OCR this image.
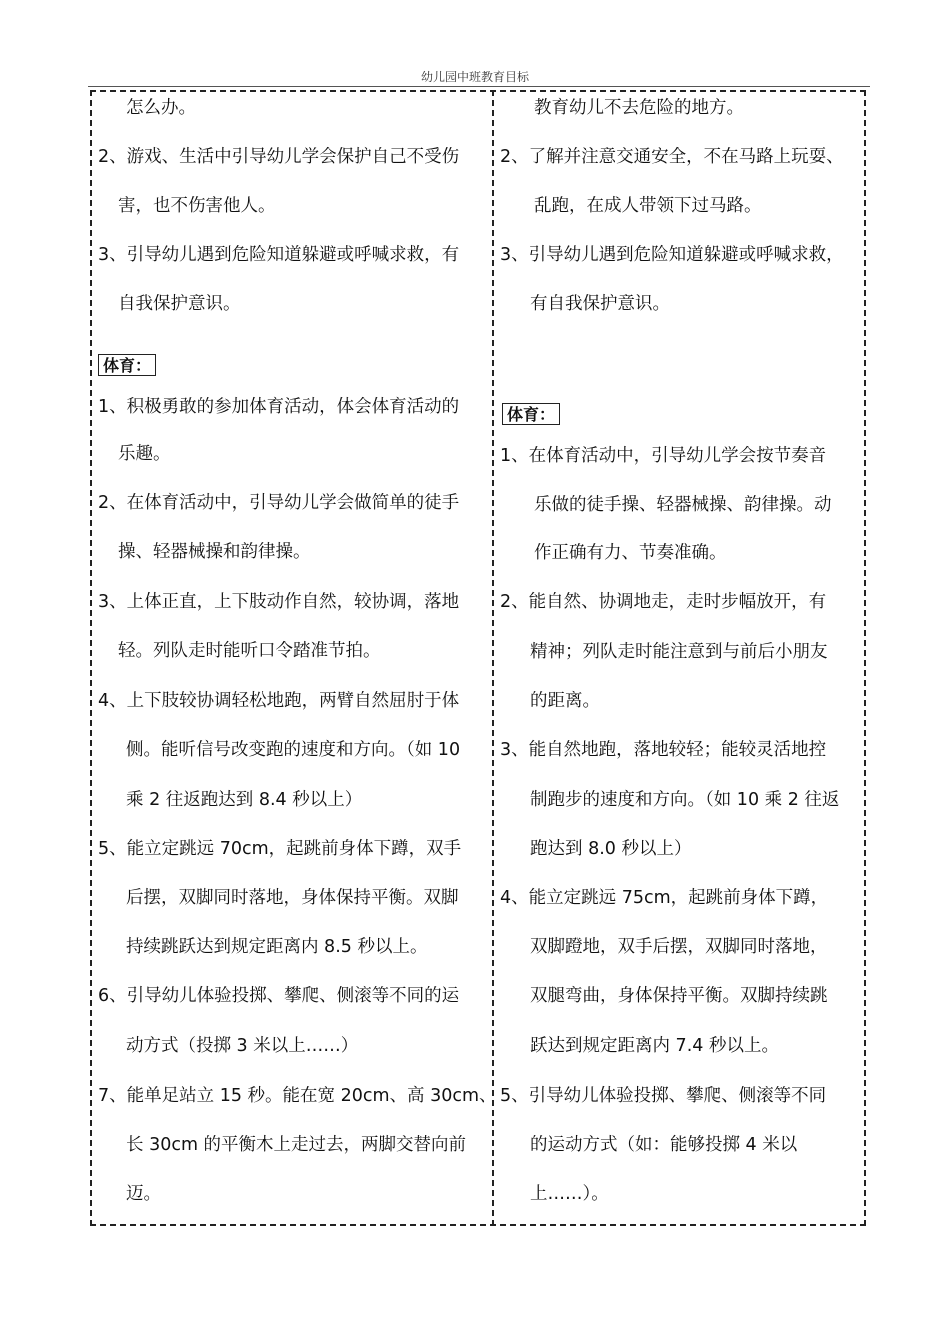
幼儿园中班教育目标
怎么办。
2、游戏、生活中引导幼儿学会保护自己不受伤
害，也不伤害他人。
3、引导幼儿遇到危险知道躲避或呼喊求救，有
自我保护意识。
体育：
1、积极勇敢的参加体育活动，体会体育活动的
乐趣。
2、在体育活动中，引导幼儿学会做简单的徒手
操、轻器械操和韵律操。
3、上体正直，上下肢动作自然，较协调，落地
轻。列队走时能听口令踏准节拍。
4、上下肢较协调轻松地跑，两臂自然屈肘于体
侧。能听信号改变跑的速度和方向。（如 10
乘 2 往返跑达到 8.4 秒以上）
5、能立定跳远 70cm，起跳前身体下蹲，双手
后摆，双脚同时落地，身体保持平衡。双脚
持续跳跃达到规定距离内 8.5 秒以上。
6、引导幼儿体验投掷、攀爬、侧滚等不同的运
动方式（投掷 3 米以上……）
7、能单足站立 15 秒。能在宽 20cm、高 30cm、
长 30cm 的平衡木上走过去，两脚交替向前
迈。
教育幼儿不去危险的地方。
2、了解并注意交通安全，不在马路上玩耍、
乱跑，在成人带领下过马路。
3、引导幼儿遇到危险知道躲避或呼喊求救，
有自我保护意识。
体育：
1、在体育活动中，引导幼儿学会按节奏音
乐做的徒手操、轻器械操、韵律操。动
作正确有力、节奏准确。
2、能自然、协调地走，走时步幅放开，有
精神；列队走时能注意到与前后小朋友
的距离。
3、能自然地跑，落地较轻；能较灵活地控
制跑步的速度和方向。（如 10 乘 2 往返
跑达到 8.0 秒以上）
4、能立定跳远 75cm，起跳前身体下蹲，
双脚蹬地，双手后摆，双脚同时落地，
双腿弯曲，身体保持平衡。双脚持续跳
跃达到规定距离内 7.4 秒以上。
5、引导幼儿体验投掷、攀爬、侧滚等不同
的运动方式（如：能够投掷 4 米以
上……）。
